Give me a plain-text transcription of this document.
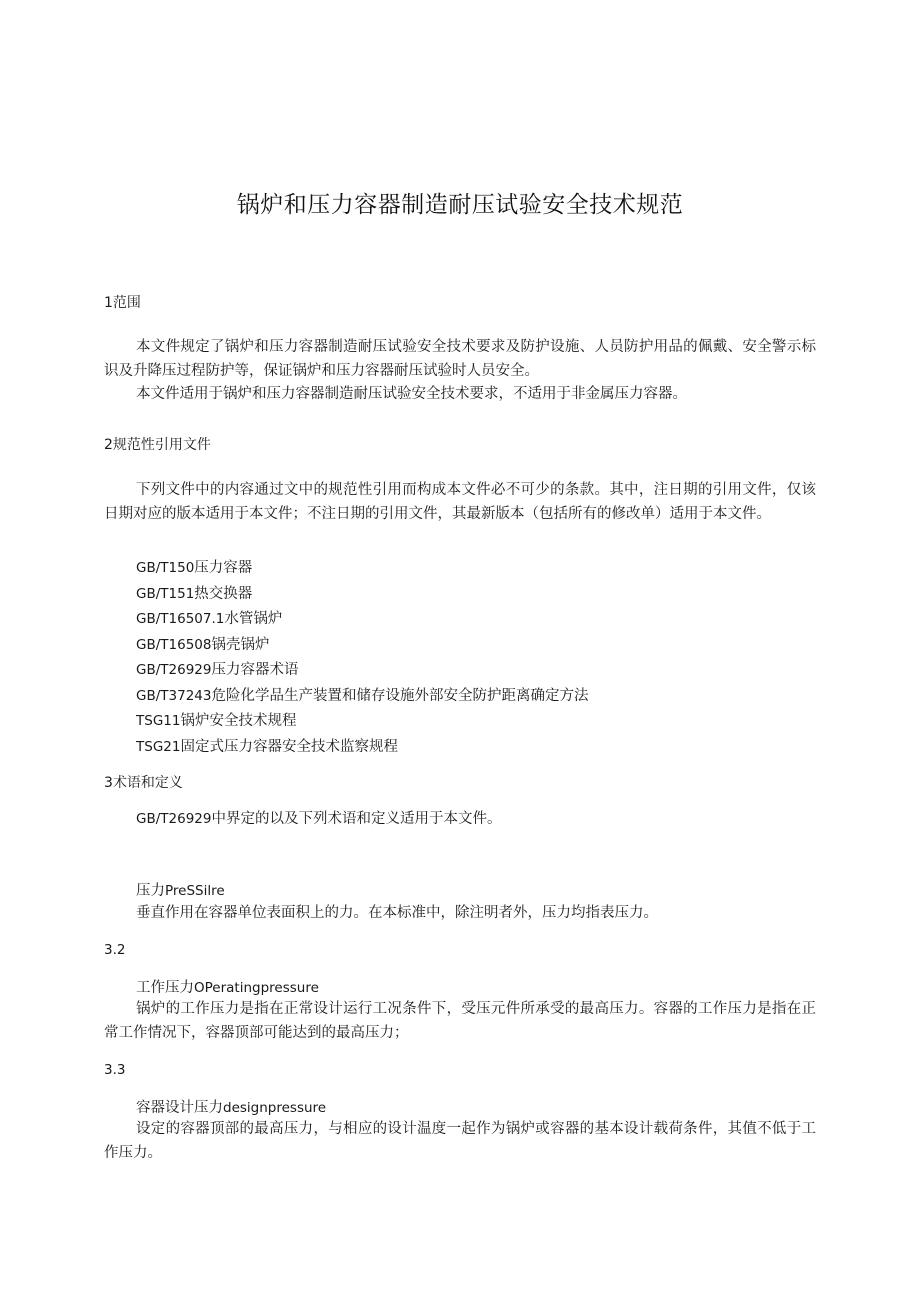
锅炉和压力容器制造耐压试验安全技术规范
1范围
本文件规定了锅炉和压力容器制造耐压试验安全技术要求及防护设施、人员防护用品的佩戴、安全警示标识及升降压过程防护等，保证锅炉和压力容器耐压试验时人员安全。
本文件适用于锅炉和压力容器制造耐压试验安全技术要求，不适用于非金属压力容器。
2规范性引用文件
下列文件中的内容通过文中的规范性引用而构成本文件必不可少的条款。其中，注日期的引用文件，仅该日期对应的版本适用于本文件；不注日期的引用文件，其最新版本（包括所有的修改单）适用于本文件。
GB/T150压力容器
GB/T151热交换器
GB/T16507.1水管锅炉
GB/T16508锅壳锅炉
GB/T26929压力容器术语
GB/T37243危险化学品生产装置和储存设施外部安全防护距离确定方法
TSG11锅炉安全技术规程
TSG21固定式压力容器安全技术监察规程
3术语和定义
GB/T26929中界定的以及下列术语和定义适用于本文件。
压力PreSSilre
垂直作用在容器单位表面积上的力。在本标准中，除注明者外，压力均指表压力。
3.2
工作压力OPeratingpressure
锅炉的工作压力是指在正常设计运行工况条件下，受压元件所承受的最高压力。容器的工作压力是指在正常工作情况下，容器顶部可能达到的最高压力；
3.3
容器设计压力designpressure
设定的容器顶部的最高压力，与相应的设计温度一起作为锅炉或容器的基本设计载荷条件，其值不低于工作压力。
